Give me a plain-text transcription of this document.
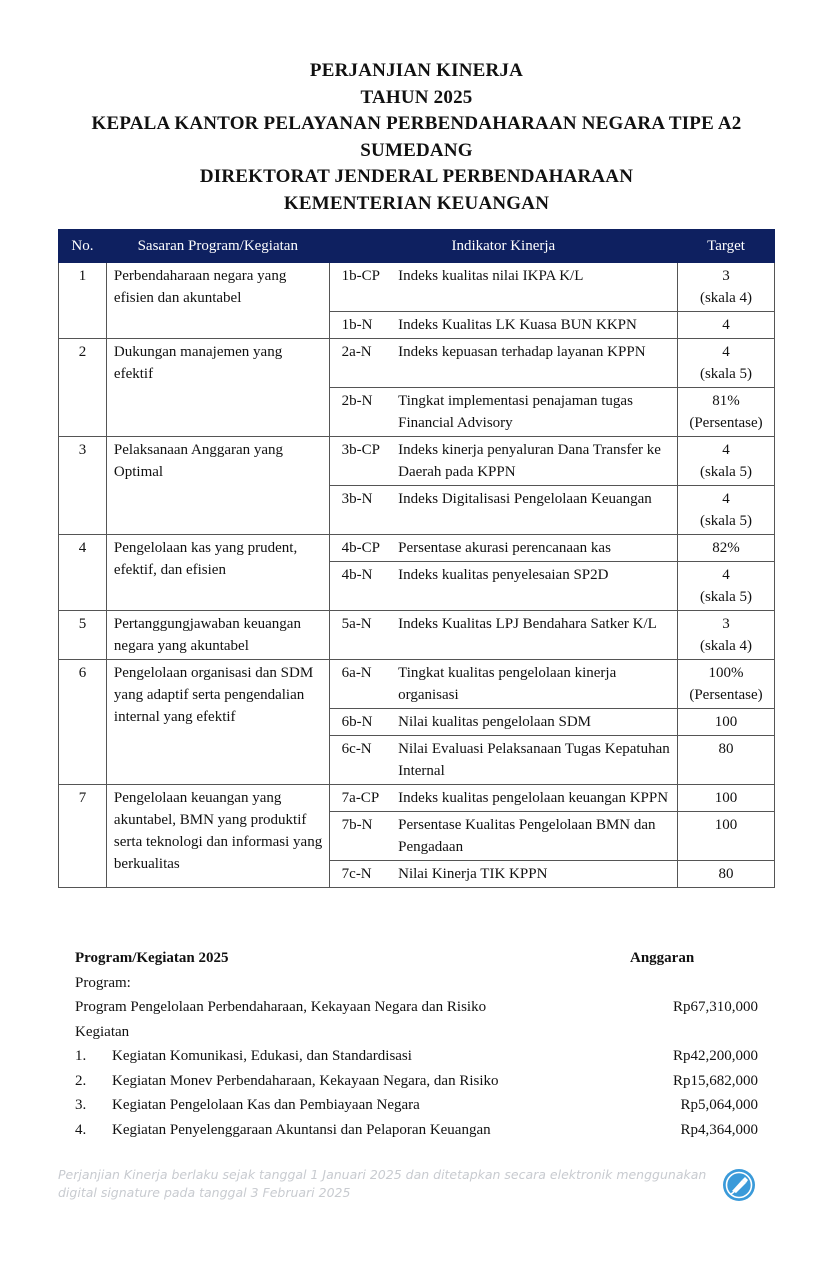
PERJANJIAN KINERJA
TAHUN 2025
KEPALA KANTOR PELAYANAN PERBENDAHARAAN NEGARA TIPE A2
SUMEDANG
DIREKTORAT JENDERAL PERBENDAHARAAN
KEMENTERIAN KEUANGAN
No.	Sasaran Program/Kegiatan	Indikator Kinerja		Target
1	Perbendaharaan negara yang efisien dan akuntabel	1b-CP	Indeks kualitas nilai IKPA K/L	3
(skala 4)

		1b-N	Indeks Kualitas LK Kuasa BUN KKPN	4

2	Dukungan manajemen yang efektif	2a-N	Indeks kepuasan terhadap layanan KPPN	4
(skala 5)

		2b-N	Tingkat implementasi penajaman tugas Financial Advisory	81%
(Persentase)

3	Pelaksanaan Anggaran yang Optimal	3b-CP	Indeks kinerja penyaluran Dana Transfer ke Daerah pada KPPN	4
(skala 5)

		3b-N	Indeks Digitalisasi Pengelolaan Keuangan	4
(skala 5)

4	Pengelolaan kas yang prudent, efektif, dan efisien	4b-CP	Persentase akurasi perencanaan kas	82%

		4b-N	Indeks kualitas penyelesaian SP2D	4
(skala 5)

5	Pertanggungjawaban keuangan negara yang akuntabel	5a-N	Indeks Kualitas LPJ Bendahara Satker K/L	3
(skala 4)

6	Pengelolaan organisasi dan SDM yang adaptif serta pengendalian internal yang efektif	6a-N	Tingkat kualitas pengelolaan kinerja organisasi	100%
(Persentase)

		6b-N	Nilai kualitas pengelolaan SDM	100

		6c-N	Nilai Evaluasi Pelaksanaan Tugas Kepatuhan Internal	80

7	Pengelolaan keuangan yang akuntabel, BMN yang produktif serta teknologi dan informasi yang berkualitas	7a-CP	Indeks kualitas pengelolaan keuangan KPPN	100

		7b-N	Persentase Kualitas Pengelolaan BMN dan Pengadaan	100

		7c-N	Nilai Kinerja TIK KPPN	80
Program/Kegiatan 2025	Anggaran
Program:
Program Pengelolaan Perbendaharaan, Kekayaan Negara dan Risiko	Rp67,310,000
Kegiatan
1. Kegiatan Komunikasi, Edukasi, dan Standardisasi	Rp42,200,000
2. Kegiatan Monev Perbendaharaan, Kekayaan Negara, dan Risiko	Rp15,682,000
3. Kegiatan Pengelolaan Kas dan Pembiayaan Negara	Rp5,064,000
4. Kegiatan Penyelenggaraan Akuntansi dan Pelaporan Keuangan	Rp4,364,000
Perjanjian Kinerja berlaku sejak tanggal 1 Januari 2025 dan ditetapkan secara elektronik menggunakan digital signature pada tanggal 3 Februari 2025
